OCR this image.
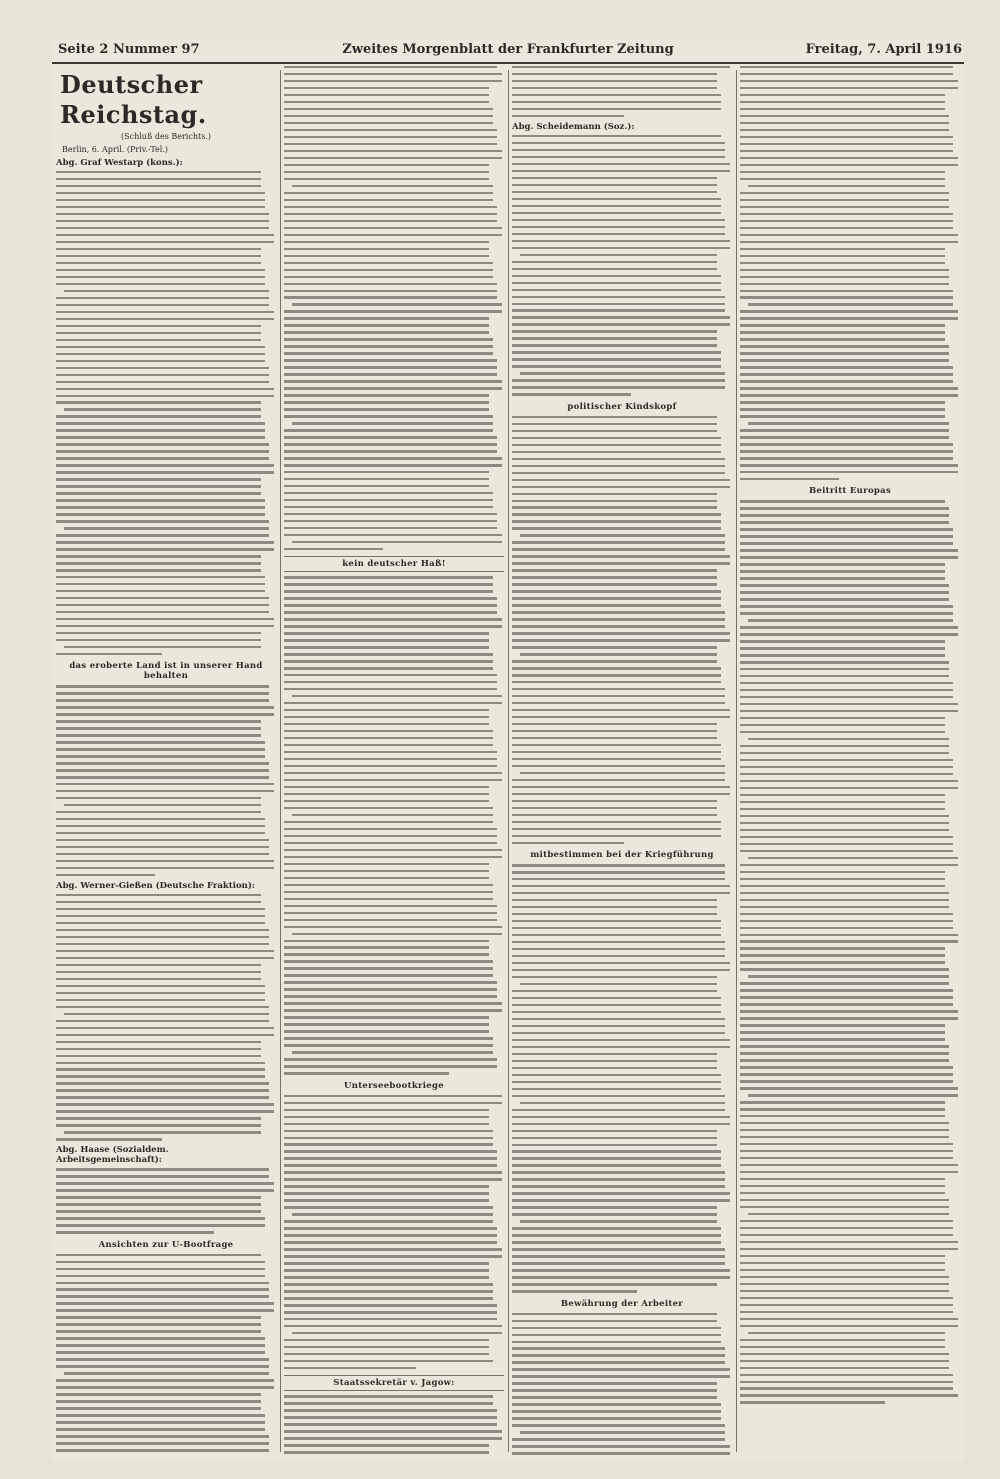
Seite 2 Nummer 97	Zweites Morgenblatt der Frankfurter Zeitung	Freitag, 7. April 1916
Deutscher Reichstag.
(Schluß des Berichts.)
Berlin, 6. April. (Priv.-Tel.)
Abg. Graf Westarp (kons.):
das eroberte Land ist in unserer Hand behalten
Abg. Werner-Gießen (Deutsche Fraktion):
Abg. Haase (Sozialdem. Arbeitsgemeinschaft):
Ansichten zur U-Bootfrage
kein deutscher Haß!
Unterseebootkriege
Staatssekretär v. Jagow:
Abg. Scheidemann (Soz.):
politischer Kindskopf
mitbestimmen bei der Kriegführung
Bewährung der Arbeiter
Beitritt Europas
